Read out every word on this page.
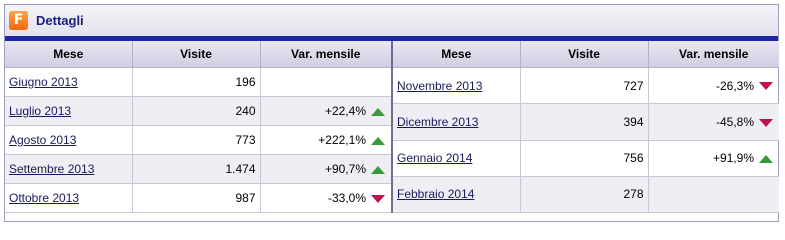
F Dettagli
Mese	Visite	Var. mensile
Giugno 2013	196	
Luglio 2013	240	+22,4%
Agosto 2013	773	+222,1%
Settembre 2013	1.474	+90,7%
Ottobre 2013	987	-33,0%
Mese	Visite	Var. mensile
Novembre 2013	727	-26,3%
Dicembre 2013	394	-45,8%
Gennaio 2014	756	+91,9%
Febbraio 2014	278	
